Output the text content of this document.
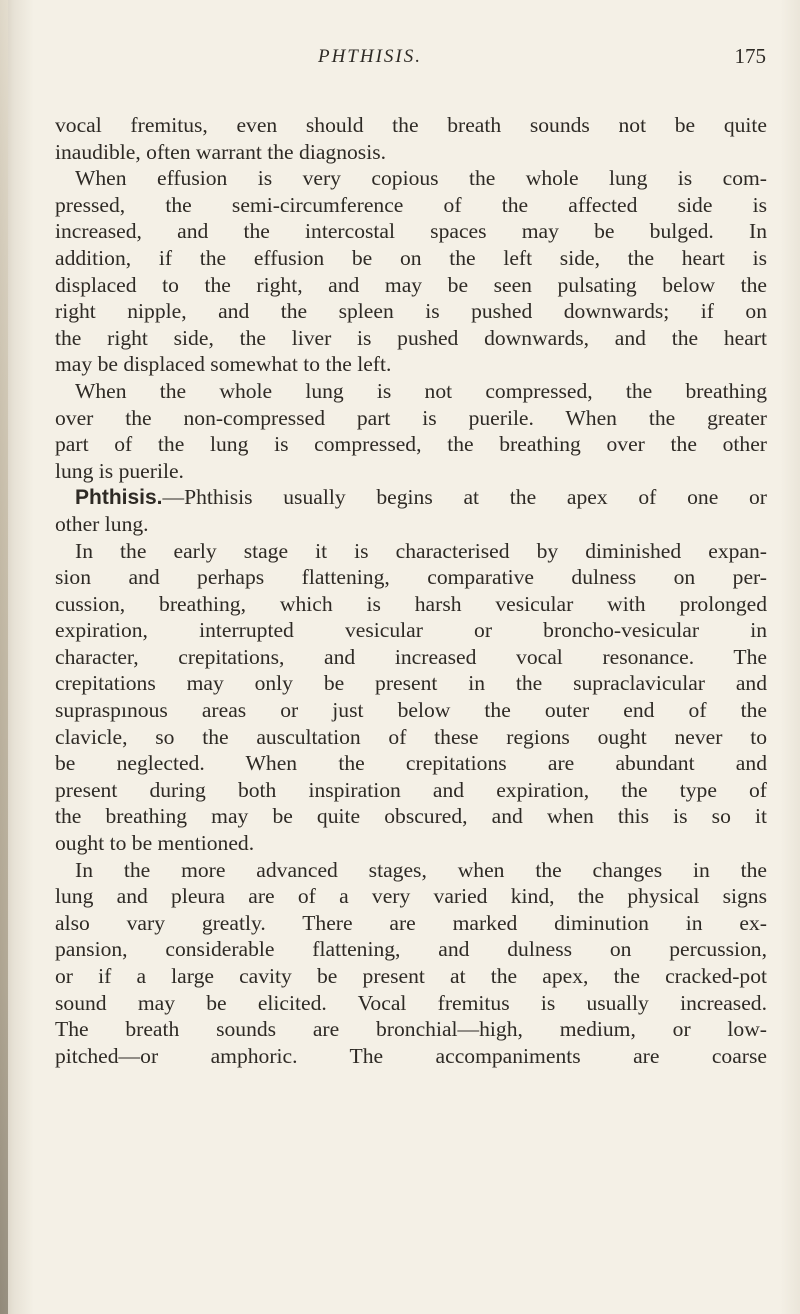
PHTHISIS.	175
vocal fremitus, even should the breath sounds not be quite
inaudible, often warrant the diagnosis.
When effusion is very copious the whole lung is com-
pressed, the semi-circumference of the affected side is
increased, and the intercostal spaces may be bulged. In
addition, if the effusion be on the left side, the heart is
displaced to the right, and may be seen pulsating below the
right nipple, and the spleen is pushed downwards; if on
the right side, the liver is pushed downwards, and the heart
may be displaced somewhat to the left.
When the whole lung is not compressed, the breathing
over the non-compressed part is puerile. When the greater
part of the lung is compressed, the breathing over the other
lung is puerile.
Phthisis.—Phthisis usually begins at the apex of one or
other lung.
In the early stage it is characterised by diminished expan-
sion and perhaps flattening, comparative dulness on per-
cussion, breathing, which is harsh vesicular with prolonged
expiration, interrupted vesicular or broncho-vesicular in
character, crepitations, and increased vocal resonance. The
crepitations may only be present in the supraclavicular and
supraspınous areas or just below the outer end of the
clavicle, so the auscultation of these regions ought never to
be neglected. When the crepitations are abundant and
present during both inspiration and expiration, the type of
the breathing may be quite obscured, and when this is so it
ought to be mentioned.
In the more advanced stages, when the changes in the
lung and pleura are of a very varied kind, the physical signs
also vary greatly. There are marked diminution in ex-
pansion, considerable flattening, and dulness on percussion,
or if a large cavity be present at the apex, the cracked-pot
sound may be elicited. Vocal fremitus is usually increased.
The breath sounds are bronchial—high, medium, or low-
pitched—or amphoric. The accompaniments are coarse
